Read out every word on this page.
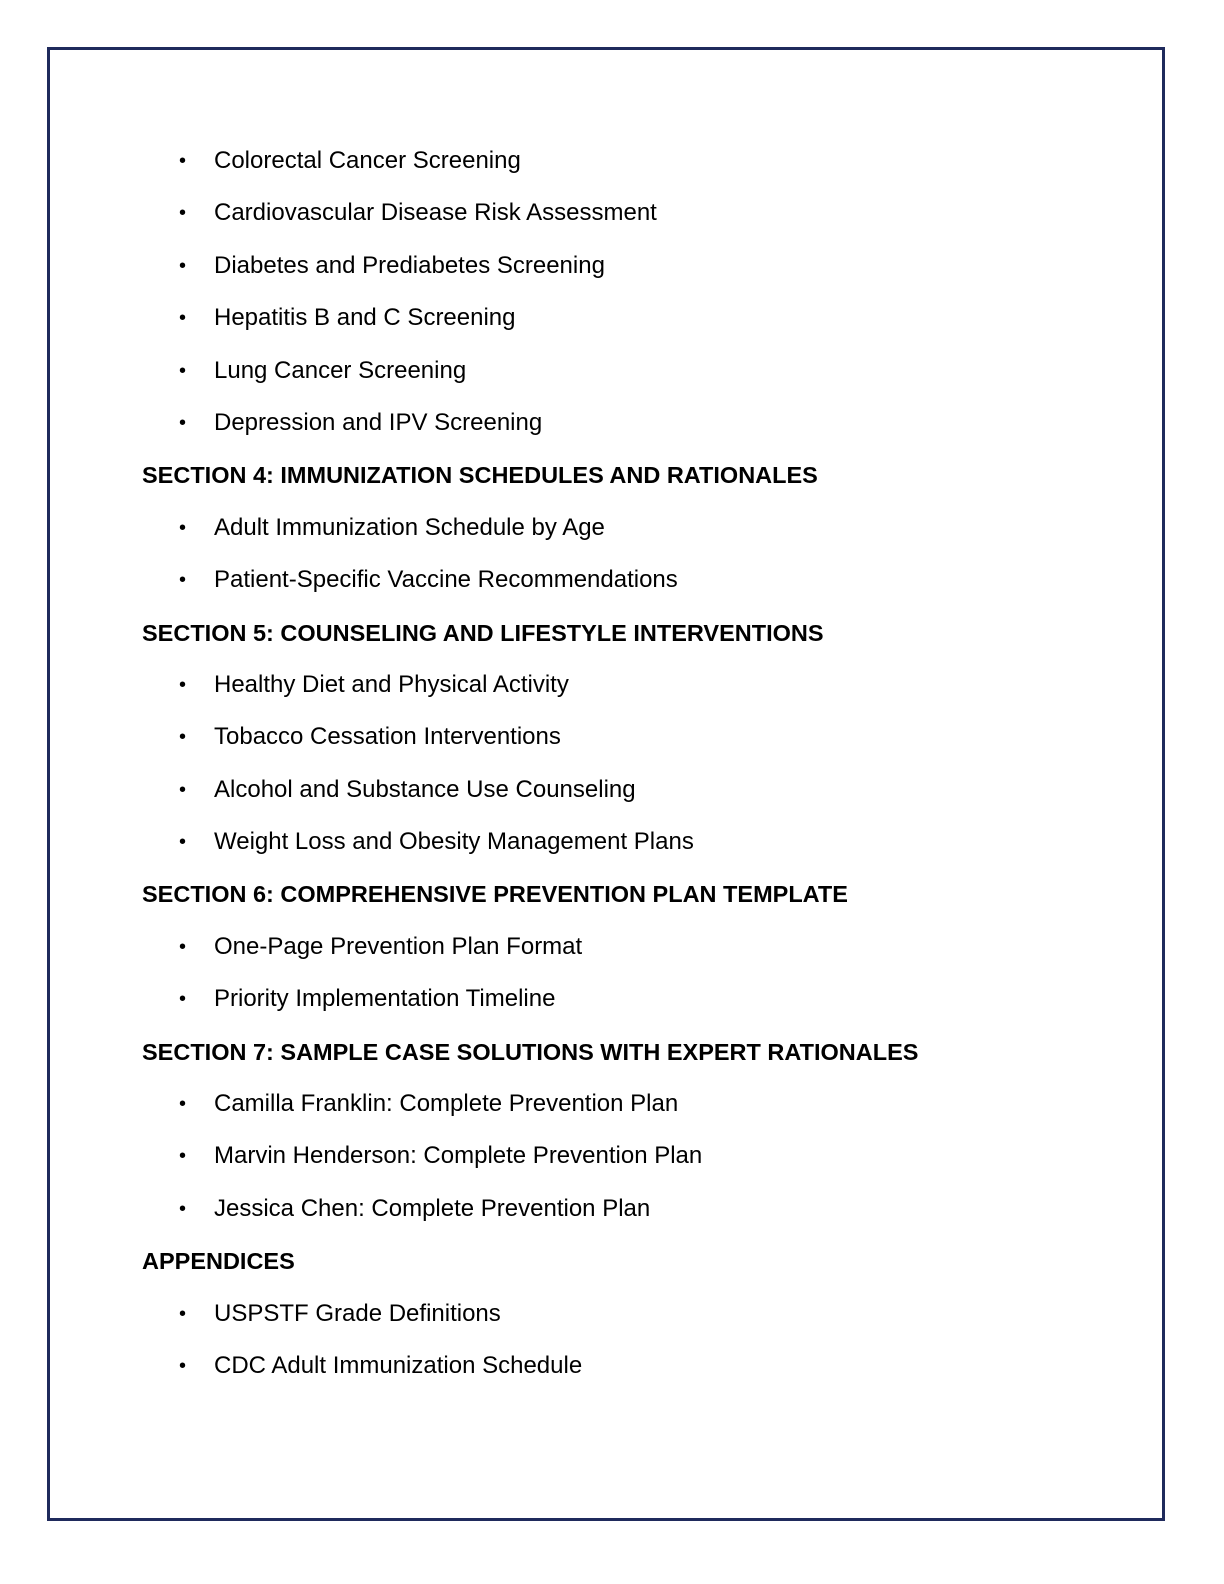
• Colorectal Cancer Screening
• Cardiovascular Disease Risk Assessment
• Diabetes and Prediabetes Screening
• Hepatitis B and C Screening
• Lung Cancer Screening
• Depression and IPV Screening
SECTION 4: IMMUNIZATION SCHEDULES AND RATIONALES
• Adult Immunization Schedule by Age
• Patient-Specific Vaccine Recommendations
SECTION 5: COUNSELING AND LIFESTYLE INTERVENTIONS
• Healthy Diet and Physical Activity
• Tobacco Cessation Interventions
• Alcohol and Substance Use Counseling
• Weight Loss and Obesity Management Plans
SECTION 6: COMPREHENSIVE PREVENTION PLAN TEMPLATE
• One-Page Prevention Plan Format
• Priority Implementation Timeline
SECTION 7: SAMPLE CASE SOLUTIONS WITH EXPERT RATIONALES
• Camilla Franklin: Complete Prevention Plan
• Marvin Henderson: Complete Prevention Plan
• Jessica Chen: Complete Prevention Plan
APPENDICES
• USPSTF Grade Definitions
• CDC Adult Immunization Schedule
